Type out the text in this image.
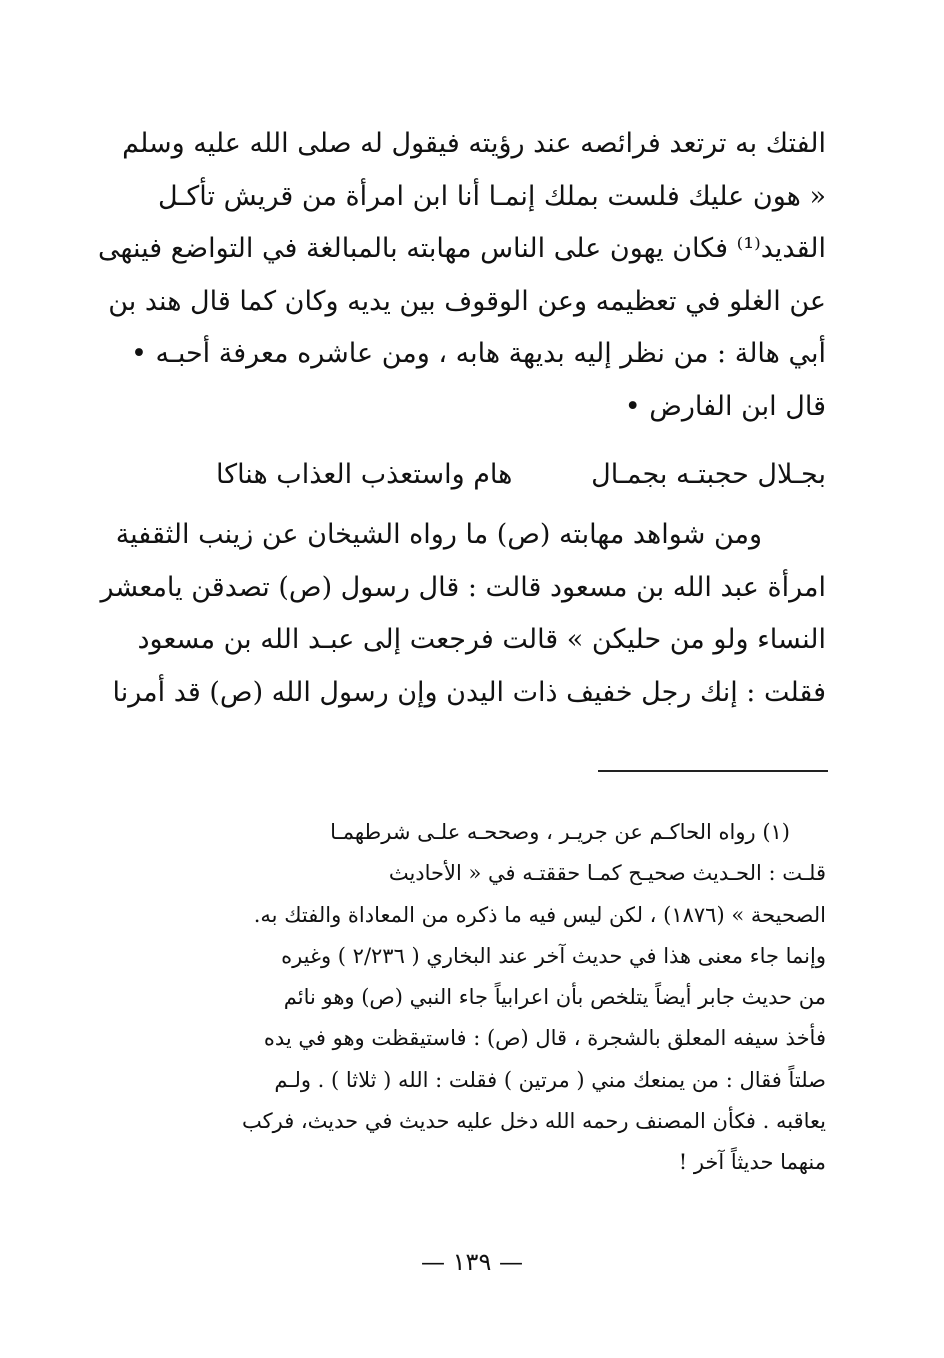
الفتك به ترتعد فرائصه عند رؤيته فيقول له صلى الله عليه وسلم
« هون عليك فلست بملك إنمـا أنا ابن امرأة من قريش تأكـل
القديد⁽¹⁾ فكان يهون على الناس مهابته بالمبالغة في التواضع فينهى
عن الغلو في تعظيمه وعن الوقوف بين يديه وكان كما قال هند بن
أبي هالة : من نظر إليه بديهة هابه ، ومن عاشره معرفة أحبـه •
قال ابن الفارض •
بجـلال حجبتـه بجمـال
هام واستعذب العذاب هناكا
ومن شواهد مهابته (ص) ما رواه الشيخان عن زينب الثقفية
امرأة عبد الله بن مسعود قالت : قال رسول (ص) تصدقن يامعشر
النساء ولو من حليكن » قالت فرجعت إلى عبـد الله بن مسعود
فقلت : إنك رجل خفيف ذات اليدن وإن رسول الله (ص) قد أمرنا
(١) رواه الحاكـم عن جريـر ، وصححـه علـى شرطهمـا
قلـت : الحـديث صحيـح كمـا حققتـه في « الأحاديث
الصحيحة » (١٨٧٦) ، لكن ليس فيه ما ذكره من المعاداة والفتك به.
وإنما جاء معنى هذا في حديث آخر عند البخاري ( ٢/٢٣٦ ) وغيره
من حديث جابر أيضاً يتلخص بأن اعرابياً جاء النبي (ص) وهو نائم
فأخذ سيفه المعلق بالشجرة ، قال (ص) : فاستيقظت وهو في يده
صلتاً فقال : من يمنعك مني ( مرتين ) فقلت : الله ( ثلاثا ) . ولـم
يعاقبه . فكأن المصنف رحمه الله دخل عليه حديث في حديث، فركب
منهما حديثاً آخر !
— ١٣٩ —
